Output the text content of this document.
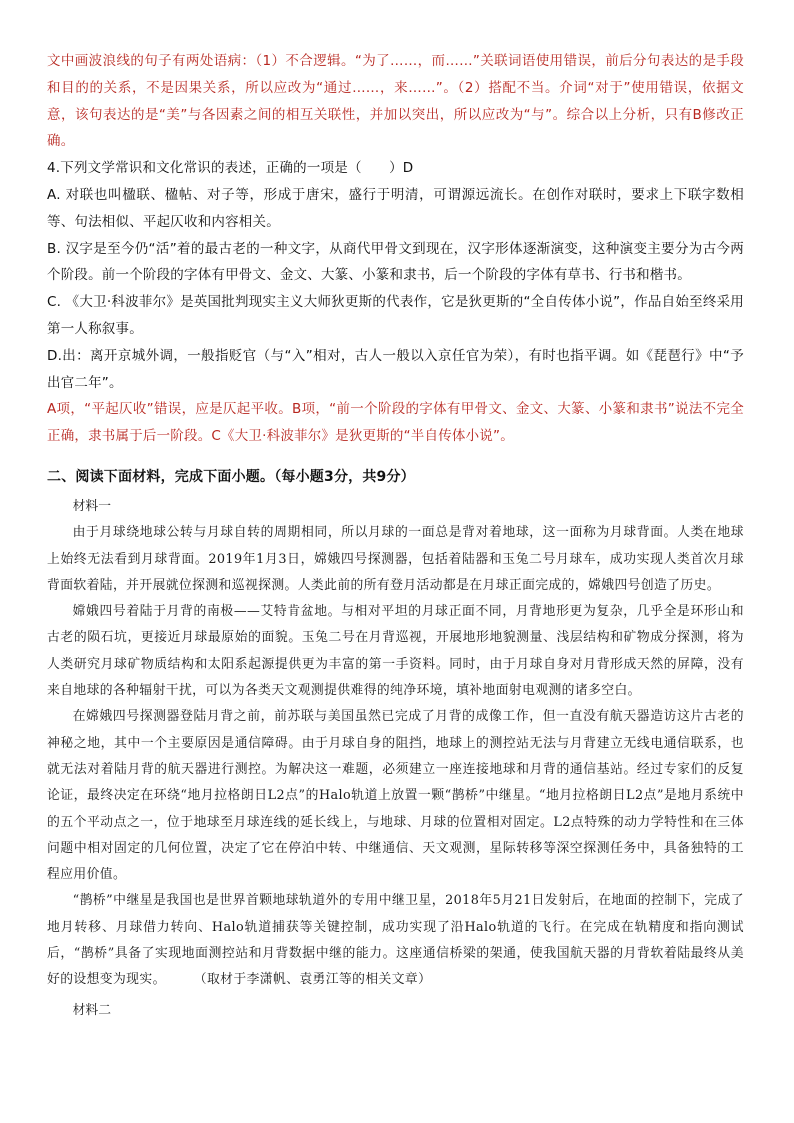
文中画波浪线的句子有两处语病：（1）不合逻辑。“为了……，而……”关联词语使用错误，前后分句表达的是手段和目的的关系，不是因果关系，所以应改为“通过……，来……”。（2）搭配不当。介词“对于”使用错误，依据文意，该句表达的是“美”与各因素之间的相互关联性，并加以突出，所以应改为“与”。综合以上分析，只有B修改正确。

4.下列文学常识和文化常识的表述，正确的一项是（　　）D

A. 对联也叫楹联、楹帖、对子等，形成于唐宋，盛行于明清，可谓源远流长。在创作对联时，要求上下联字数相等、句法相似、平起仄收和内容相关。

B. 汉字是至今仍“活”着的最古老的一种文字，从商代甲骨文到现在，汉字形体逐渐演变，这种演变主要分为古今两个阶段。前一个阶段的字体有甲骨文、金文、大篆、小篆和隶书，后一个阶段的字体有草书、行书和楷书。

C. 《大卫·科波菲尔》是英国批判现实主义大师狄更斯的代表作，它是狄更斯的“全自传体小说”，作品自始至终采用第一人称叙事。

D.出：离开京城外调，一般指贬官（与“入”相对，古人一般以入京任官为荣），有时也指平调。如《琵琶行》中“予出官二年”。

A项，“平起仄收”错误，应是仄起平收。B项，“前一个阶段的字体有甲骨文、金文、大篆、小篆和隶书”说法不完全正确，隶书属于后一阶段。C《大卫·科波菲尔》是狄更斯的“半自传体小说”。

二、阅读下面材料，完成下面小题。（每小题3分，共9分）

材料一

由于月球绕地球公转与月球自转的周期相同，所以月球的一面总是背对着地球，这一面称为月球背面。人类在地球上始终无法看到月球背面。2019年1月3日，嫦娥四号探测器，包括着陆器和玉兔二号月球车，成功实现人类首次月球背面软着陆，并开展就位探测和巡视探测。人类此前的所有登月活动都是在月球正面完成的，嫦娥四号创造了历史。

嫦娥四号着陆于月背的南极——艾特肯盆地。与相对平坦的月球正面不同，月背地形更为复杂，几乎全是环形山和古老的陨石坑，更接近月球最原始的面貌。玉兔二号在月背巡视，开展地形地貌测量、浅层结构和矿物成分探测，将为人类研究月球矿物质结构和太阳系起源提供更为丰富的第一手资料。同时，由于月球自身对月背形成天然的屏障，没有来自地球的各种辐射干扰，可以为各类天文观测提供难得的纯净环境，填补地面射电观测的诸多空白。

在嫦娥四号探测器登陆月背之前，前苏联与美国虽然已完成了月背的成像工作，但一直没有航天器造访这片古老的神秘之地，其中一个主要原因是通信障碍。由于月球自身的阻挡，地球上的测控站无法与月背建立无线电通信联系，也就无法对着陆月背的航天器进行测控。为解决这一难题，必须建立一座连接地球和月背的通信基站。经过专家们的反复论证，最终决定在环绕“地月拉格朗日L2点”的Halo轨道上放置一颗“鹊桥”中继星。“地月拉格朗日L2点”是地月系统中的五个平动点之一，位于地球至月球连线的延长线上，与地球、月球的位置相对固定。L2点特殊的动力学特性和在三体问题中相对固定的几何位置，决定了它在停泊中转、中继通信、天文观测，星际转移等深空探测任务中，具备独特的工程应用价值。

“鹊桥”中继星是我国也是世界首颗地球轨道外的专用中继卫星，2018年5月21日发射后，在地面的控制下，完成了地月转移、月球借力转向、Halo轨道捕获等关键控制，成功实现了沿Halo轨道的飞行。在完成在轨精度和指向测试后，“鹊桥”具备了实现地面测控站和月背数据中继的能力。这座通信桥梁的架通，使我国航天器的月背软着陆最终从美好的设想变为现实。 （取材于李潇帆、袁勇江等的相关文章）

材料二
